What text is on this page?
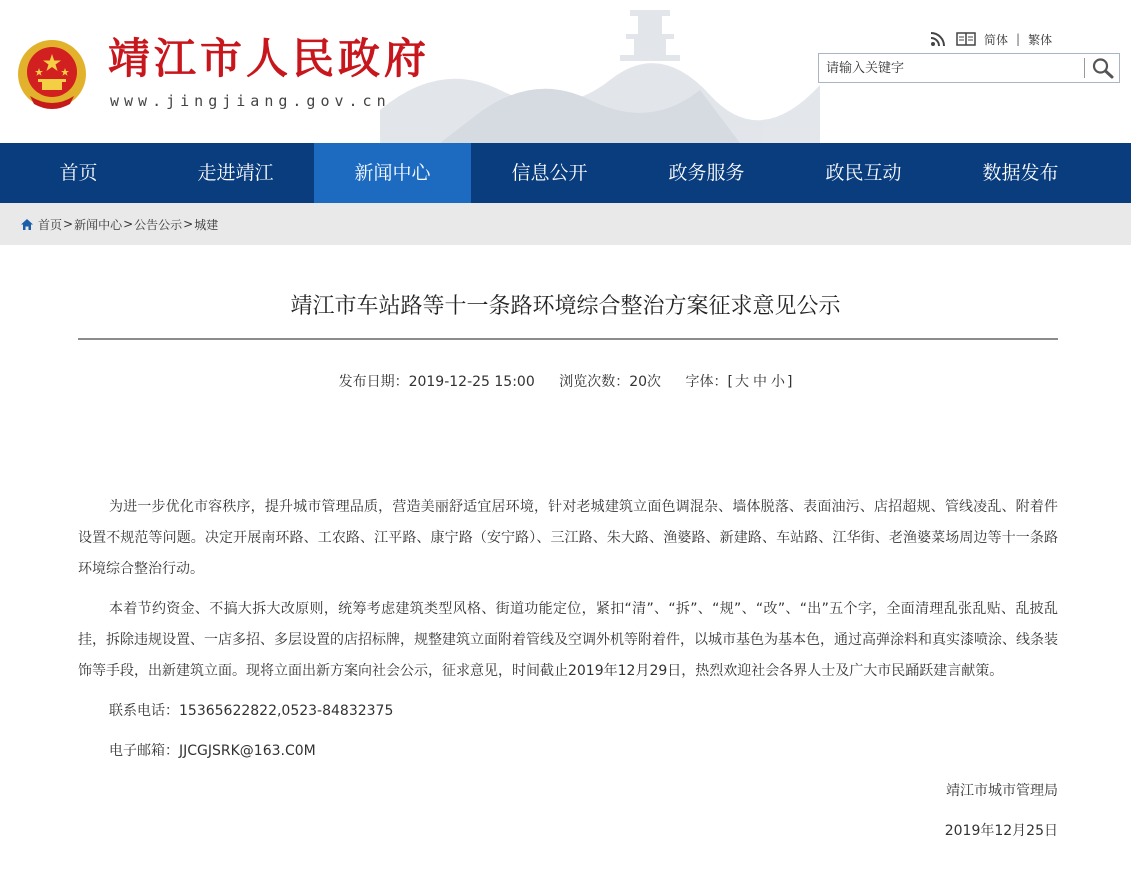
靖江市人民政府
www.jingjiang.gov.cn
简体 | 繁体
请输入关键字
首页	走进靖江	新闻中心	信息公开	政务服务	政民互动	数据发布
首页 > 新闻中心 > 公告公示 > 城建
靖江市车站路等十一条路环境综合整治方案征求意见公示
发布日期：2019-12-25 15:00 浏览次数：20次 字体：[ 大 中 小 ]

为进一步优化市容秩序，提升城市管理品质，营造美丽舒适宜居环境，针对老城建筑立面色调混杂、墙体脱落、表面油污、店招超规、管线凌乱、附着件设置不规范等问题。决定开展南环路、工农路、江平路、康宁路（安宁路）、三江路、朱大路、渔婆路、新建路、车站路、江华街、老渔婆菜场周边等十一条路环境综合整治行动。

本着节约资金、不搞大拆大改原则，统筹考虑建筑类型风格、街道功能定位，紧扣“清”、“拆”、“规”、“改”、“出”五个字，全面清理乱张乱贴、乱披乱挂，拆除违规设置、一店多招、多层设置的店招标牌，规整建筑立面附着管线及空调外机等附着件，以城市基色为基本色，通过高弹涂料和真实漆喷涂、线条装饰等手段，出新建筑立面。现将立面出新方案向社会公示，征求意见，时间截止2019年12月29日，热烈欢迎社会各界人士及广大市民踊跃建言献策。

联系电话：15365622822,0523-84832375
电子邮箱：JJCGJSRK@163.C0M
靖江市城市管理局
2019年12月25日
